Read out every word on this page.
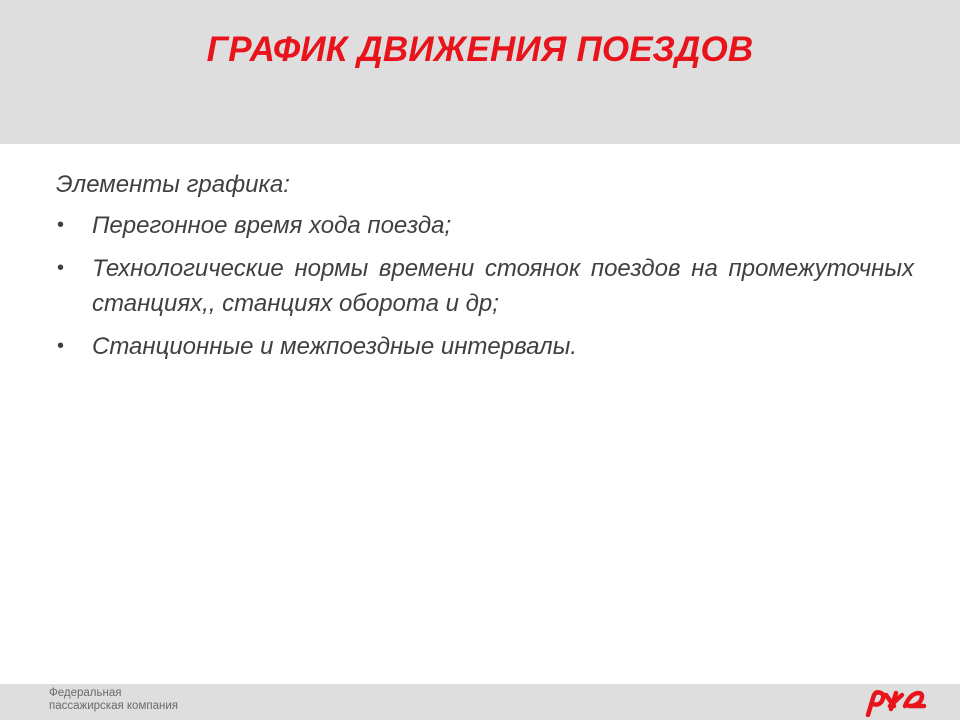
ГРАФИК ДВИЖЕНИЯ ПОЕЗДОВ

Элементы графика:

• Перегонное время хода поезда;
• Технологические нормы времени стоянок поездов на промежуточных станциях,, станциях оборота и др;
• Станционные и межпоездные интервалы.
Федеральная
пассажирская компания
